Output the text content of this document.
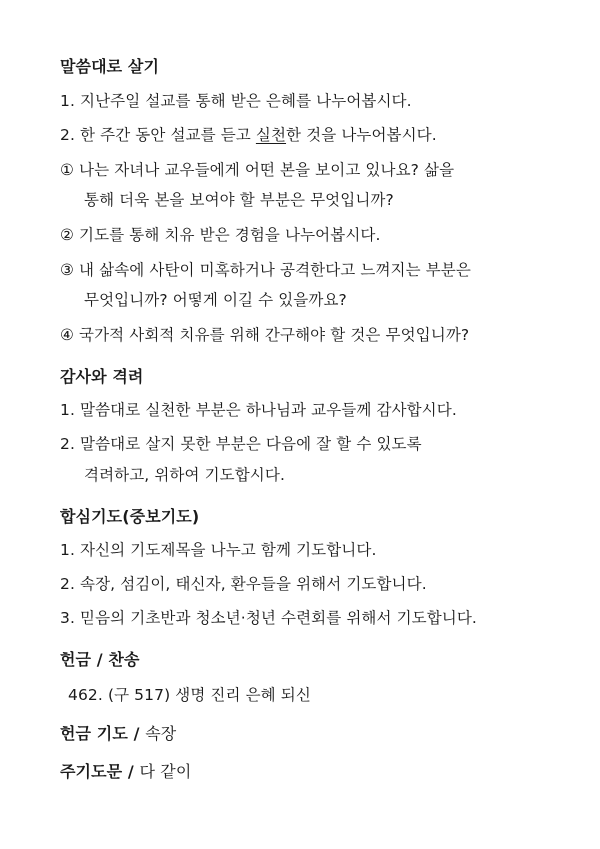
말씀대로 살기
1. 지난주일 설교를 통해 받은 은혜를 나누어봅시다.
2. 한 주간 동안 설교를 듣고 실천한 것을 나누어봅시다.
① 나는 자녀나 교우들에게 어떤 본을 보이고 있나요? 삶을
통해 더욱 본을 보여야 할 부분은 무엇입니까?
② 기도를 통해 치유 받은 경험을 나누어봅시다.
③ 내 삶속에 사탄이 미혹하거나 공격한다고 느껴지는 부분은
무엇입니까? 어떻게 이길 수 있을까요?
④ 국가적 사회적 치유를 위해 간구해야 할 것은 무엇입니까?
감사와 격려
1. 말씀대로 실천한 부분은 하나님과 교우들께 감사합시다.
2. 말씀대로 살지 못한 부분은 다음에 잘 할 수 있도록
격려하고, 위하여 기도합시다.
합심기도(중보기도)
1. 자신의 기도제목을 나누고 함께 기도합니다.
2. 속장, 섬김이, 태신자, 환우들을 위해서 기도합니다.
3. 믿음의 기초반과 청소년·청년 수련회를 위해서 기도합니다.
헌금 / 찬송
462. (구 517) 생명 진리 은혜 되신
헌금 기도 / 속장
주기도문 / 다 같이
